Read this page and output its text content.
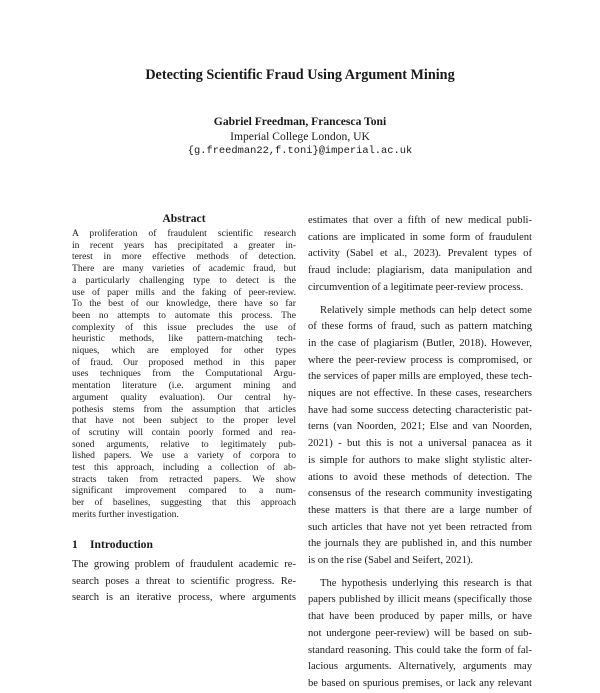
Detecting Scientific Fraud Using Argument Mining
Gabriel Freedman, Francesca Toni
Imperial College London, UK
{g.freedman22,f.toni}@imperial.ac.uk
Abstract
A proliferation of fraudulent scientific research
in recent years has precipitated a greater in-
terest in more effective methods of detection.
There are many varieties of academic fraud, but
a particularly challenging type to detect is the
use of paper mills and the faking of peer-review.
To the best of our knowledge, there have so far
been no attempts to automate this process. The
complexity of this issue precludes the use of
heuristic methods, like pattern-matching tech-
niques, which are employed for other types
of fraud. Our proposed method in this paper
uses techniques from the Computational Argu-
mentation literature (i.e. argument mining and
argument quality evaluation). Our central hy-
pothesis stems from the assumption that articles
that have not been subject to the proper level
of scrutiny will contain poorly formed and rea-
soned arguments, relative to legitimately pub-
lished papers. We use a variety of corpora to
test this approach, including a collection of ab-
stracts taken from retracted papers. We show
significant improvement compared to a num-
ber of baselines, suggesting that this approach
merits further investigation.
1 Introduction
The growing problem of fraudulent academic re-
search poses a threat to scientific progress. Re-
search is an iterative process, where arguments
estimates that over a fifth of new medical publi-
cations are implicated in some form of fraudulent
activity (Sabel et al., 2023). Prevalent types of
fraud include: plagiarism, data manipulation and
circumvention of a legitimate peer-review process.
Relatively simple methods can help detect some
of these forms of fraud, such as pattern matching
in the case of plagiarism (Butler, 2018). However,
where the peer-review process is compromised, or
the services of paper mills are employed, these tech-
niques are not effective. In these cases, researchers
have had some success detecting characteristic pat-
terns (van Noorden, 2021; Else and van Noorden,
2021) - but this is not a universal panacea as it
is simple for authors to make slight stylistic alter-
ations to avoid these methods of detection. The
consensus of the research community investigating
these matters is that there are a large number of
such articles that have not yet been retracted from
the journals they are published in, and this number
is on the rise (Sabel and Seifert, 2021).
The hypothesis underlying this research is that
papers published by illicit means (specifically those
that have been produced by paper mills, or have
not undergone peer-review) will be based on sub-
standard reasoning. This could take the form of fal-
lacious arguments. Alternatively, arguments may
be based on spurious premises, or lack any relevant
